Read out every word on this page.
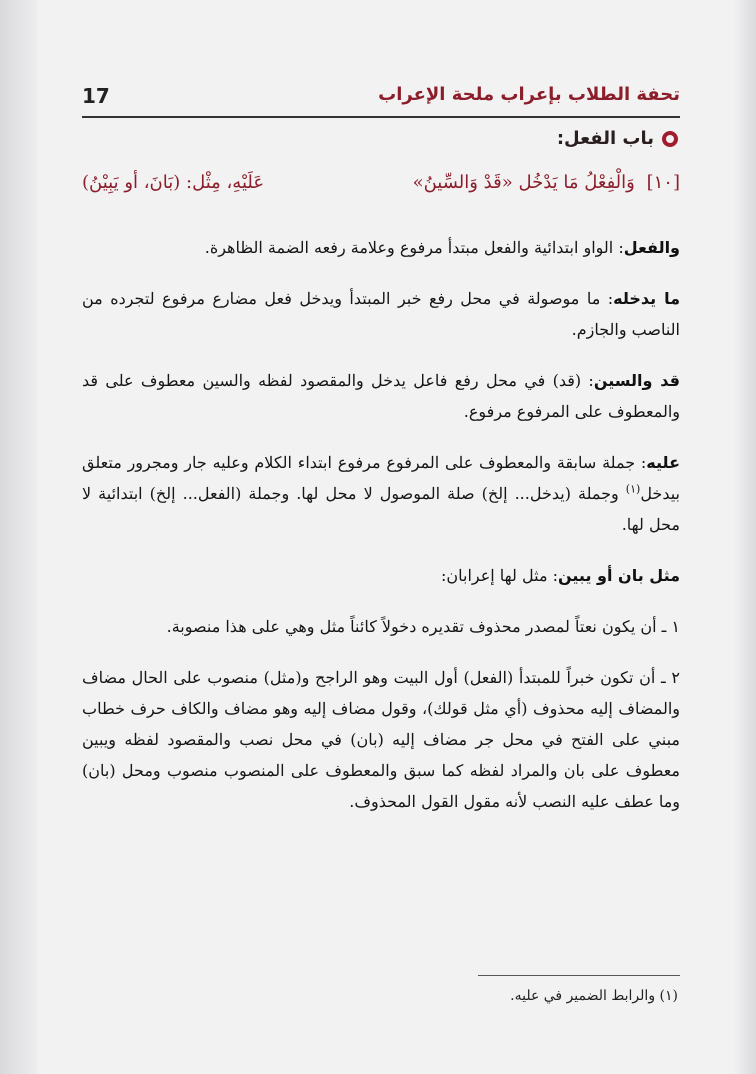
17	تحفة الطلاب بإعراب ملحة الإعراب
باب الفعل:
[١٠] وَالْفِعْلُ مَا يَدْخُل «قَدْ وَالسِّينُ»
عَلَيْهِ، مِثْل: (بَانَ، أو يَبِيْنُ)

والفعل: الواو ابتدائية والفعل مبتدأ مرفوع وعلامة رفعه الضمة الظاهرة.

ما يدخله: ما موصولة في محل رفع خبر المبتدأ ويدخل فعل مضارع مرفوع لتجرده من الناصب والجازم.

قد والسين: (قد) في محل رفع فاعل يدخل والمقصود لفظه والسين معطوف على قد والمعطوف على المرفوع مرفوع.

عليه: جملة سابقة والمعطوف على المرفوع مرفوع ابتداء الكلام وعليه جار ومجرور متعلق بيدخل$^{(١)}$ وجملة (يدخل... إلخ) صلة الموصول لا محل لها. وجملة (الفعل... إلخ) ابتدائية لا محل لها.

مثل بان أو يبين: مثل لها إعرابان:

١ ـ أن يكون نعتاً لمصدر محذوف تقديره دخولاً كائناً مثل وهي على هذا منصوبة.

٢ ـ أن تكون خبراً للمبتدأ (الفعل) أول البيت وهو الراجح و(مثل) منصوب على الحال مضاف والمضاف إليه محذوف (أي مثل قولك)، وقول مضاف إليه وهو مضاف والكاف حرف خطاب مبني على الفتح في محل جر مضاف إليه (بان) في محل نصب والمقصود لفظه ويبين معطوف على بان والمراد لفظه كما سبق والمعطوف على المنصوب منصوب ومحل (بان) وما عطف عليه النصب لأنه مقول القول المحذوف.

(١) والرابط الضمير في عليه.
